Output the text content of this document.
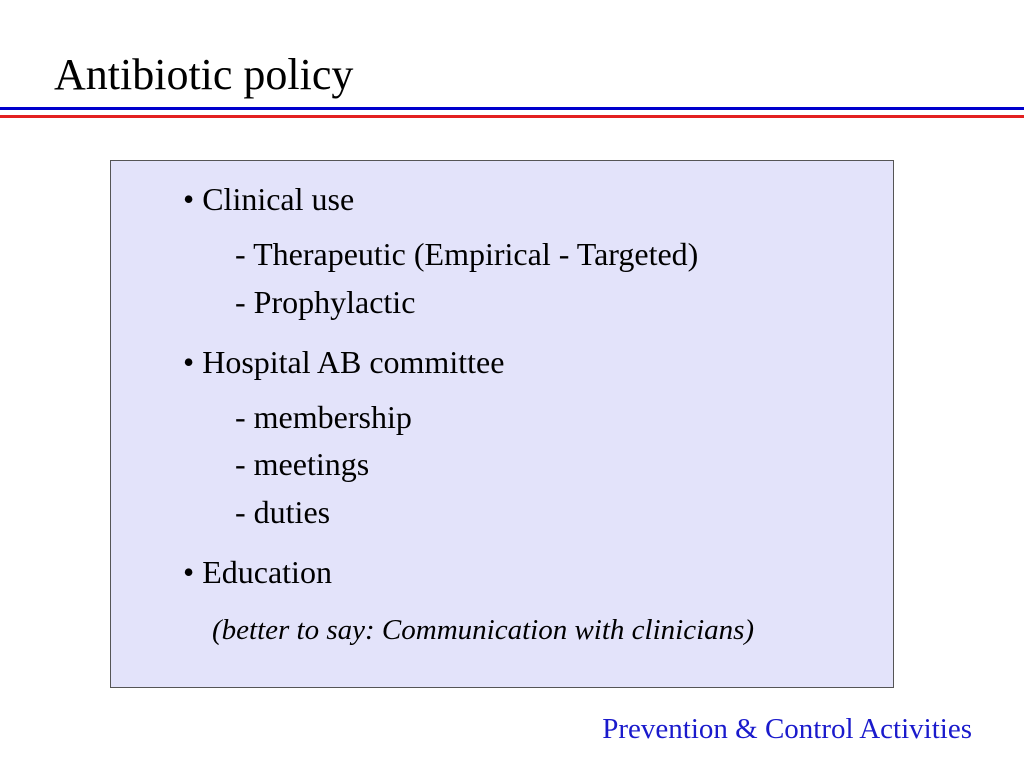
Antibiotic policy
• Clinical use
- Therapeutic (Empirical - Targeted)
- Prophylactic
• Hospital AB committee
- membership
- meetings
- duties
• Education
(better to say: Communication with clinicians)
Prevention & Control Activities
